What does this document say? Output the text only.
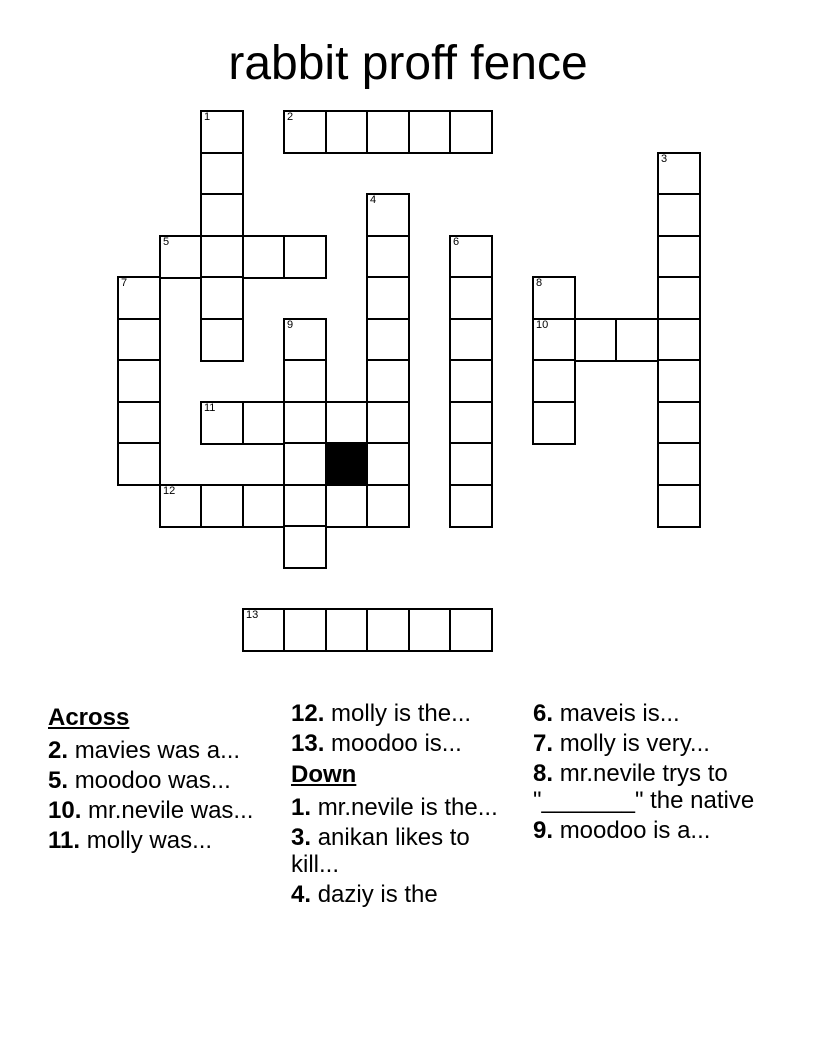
rabbit proff fence
1	2
3
4
5	6
7	8
9	10
11
12
13
Across
2. mavies was a...
5. moodoo was...
10. mr.nevile was...
11. molly was...
12. molly is the...
13. moodoo is...
Down
1. mr.nevile is the...
3. anikan likes to kill...
4. daziy is the
6. maveis is...
7. molly is very...
8. mr.nevile trys to "_______" the native
9. moodoo is a...
